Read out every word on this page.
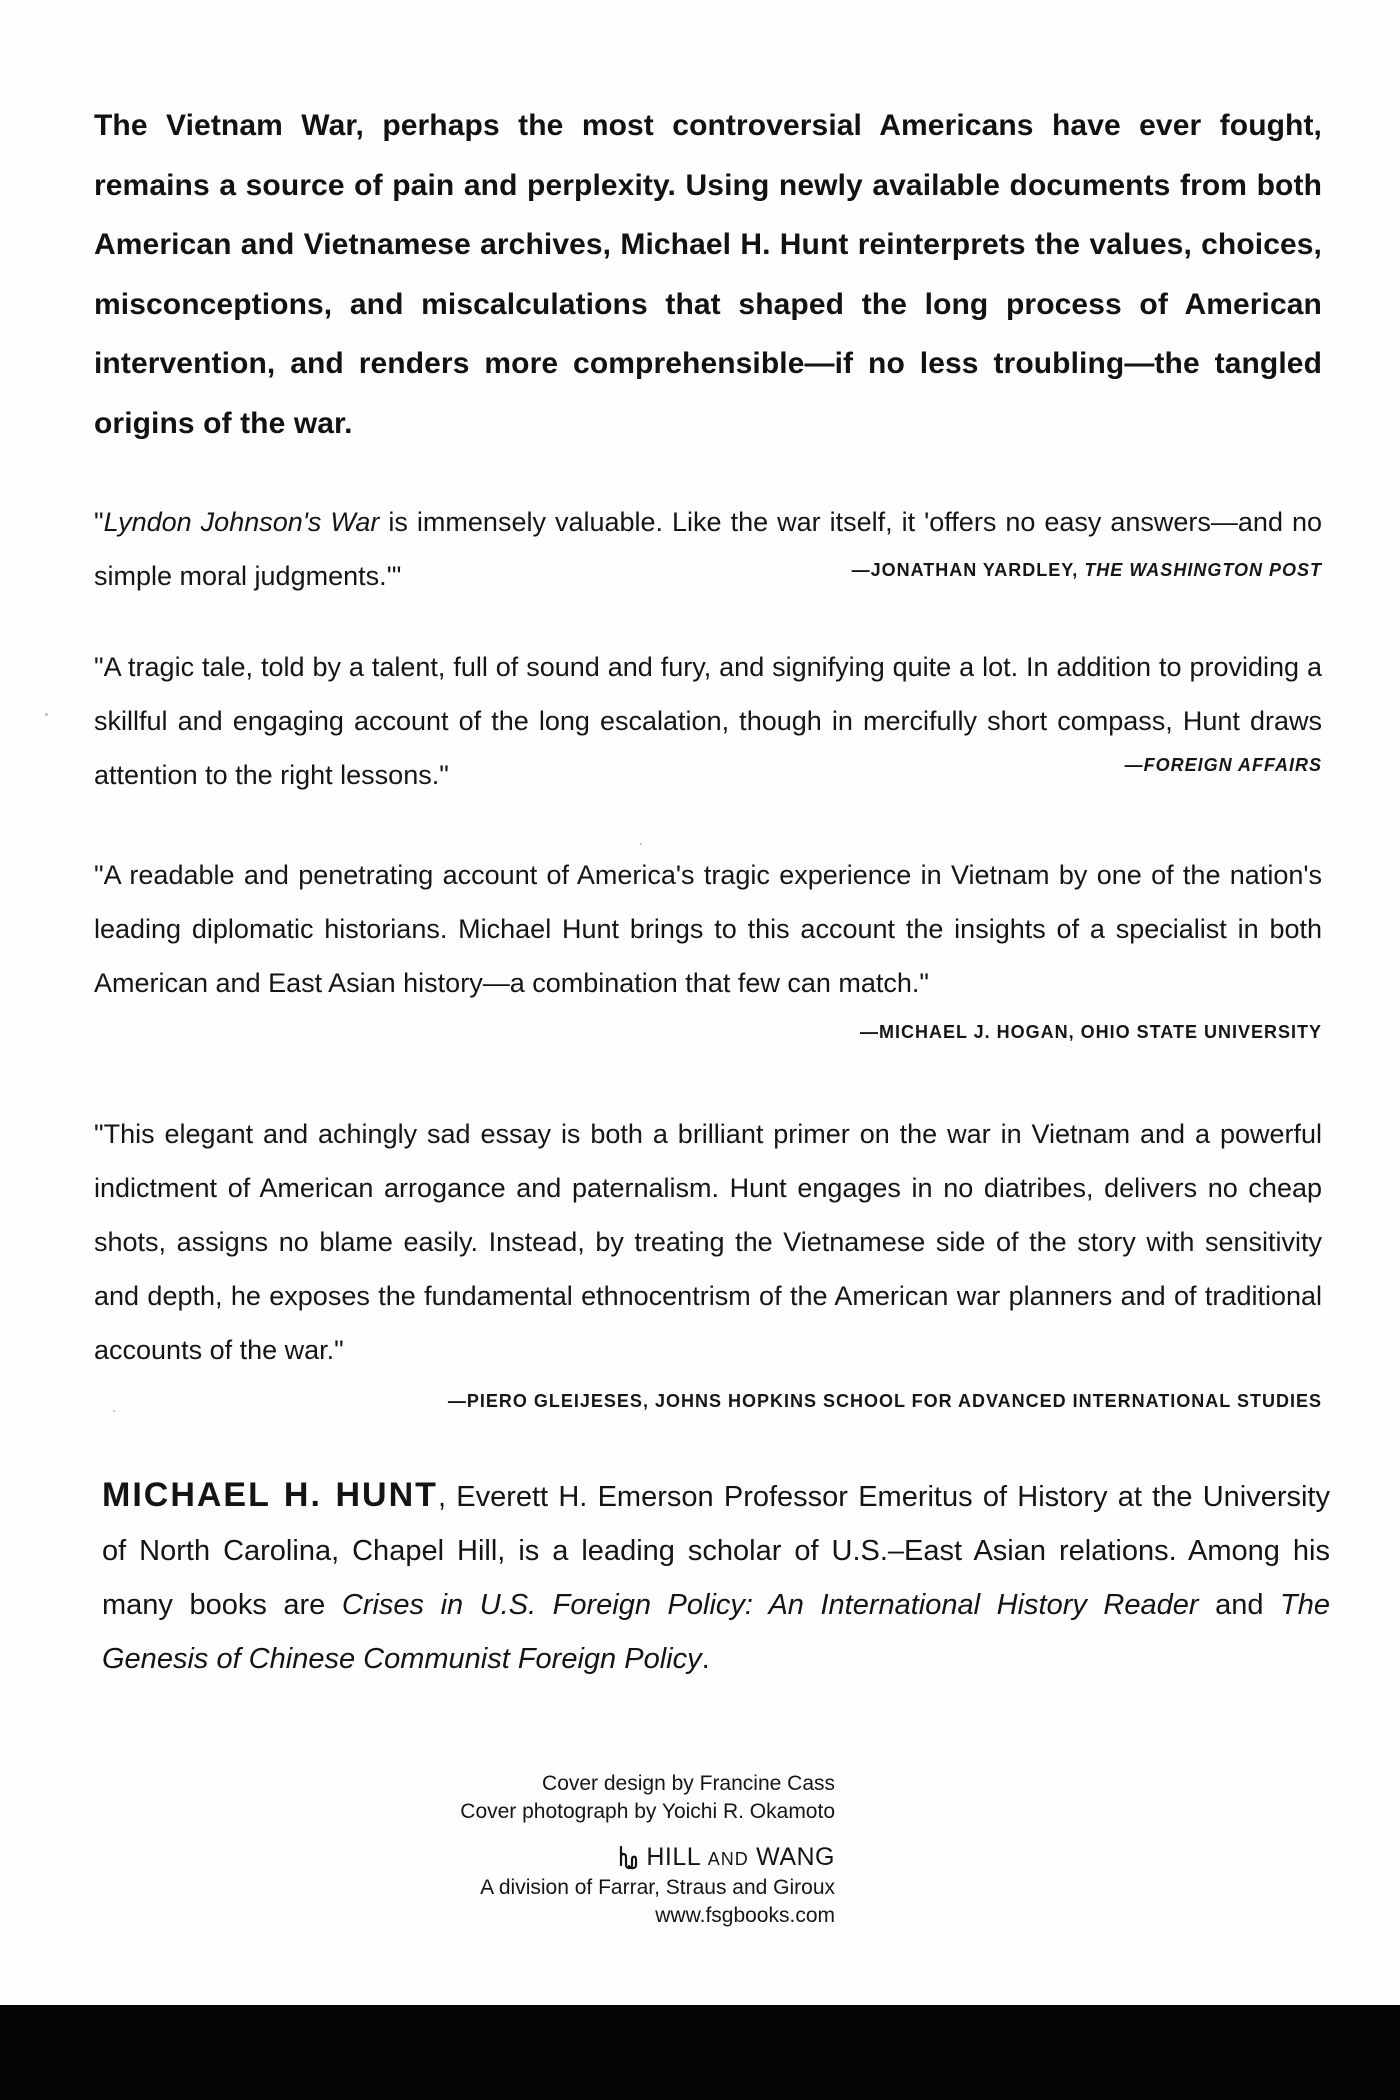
The Vietnam War, perhaps the most controversial Americans have ever fought, remains a source of pain and perplexity. Using newly available documents from both American and Vietnamese archives, Michael H. Hunt reinterprets the values, choices, misconceptions, and miscalculations that shaped the long process of American intervention, and renders more comprehensible—if no less troubling—the tangled origins of the war.

"Lyndon Johnson's War is immensely valuable. Like the war itself, it 'offers no easy answers—and no simple moral judgments.'"	—JONATHAN YARDLEY, THE WASHINGTON POST
"A tragic tale, told by a talent, full of sound and fury, and signifying quite a lot. In addition to providing a skillful and engaging account of the long escalation, though in mercifully short compass, Hunt draws attention to the right lessons."	—FOREIGN AFFAIRS
"A readable and penetrating account of America's tragic experience in Vietnam by one of the nation's leading diplomatic historians. Michael Hunt brings to this account the insights of a specialist in both American and East Asian history—a combination that few can match."
—MICHAEL J. HOGAN, OHIO STATE UNIVERSITY
"This elegant and achingly sad essay is both a brilliant primer on the war in Vietnam and a powerful indictment of American arrogance and paternalism. Hunt engages in no diatribes, delivers no cheap shots, assigns no blame easily. Instead, by treating the Vietnamese side of the story with sensitivity and depth, he exposes the fundamental ethnocentrism of the American war planners and of traditional accounts of the war."
—PIERO GLEIJESES, JOHNS HOPKINS SCHOOL FOR ADVANCED INTERNATIONAL STUDIES
MICHAEL H. HUNT, Everett H. Emerson Professor Emeritus of History at the University of North Carolina, Chapel Hill, is a leading scholar of U.S.–East Asian relations. Among his many books are Crises in U.S. Foreign Policy: An International History Reader and The Genesis of Chinese Communist Foreign Policy.
Cover design by Francine Cass
Cover photograph by Yoichi R. Okamoto
HILL AND WANG
A division of Farrar, Straus and Giroux
www.fsgbooks.com
